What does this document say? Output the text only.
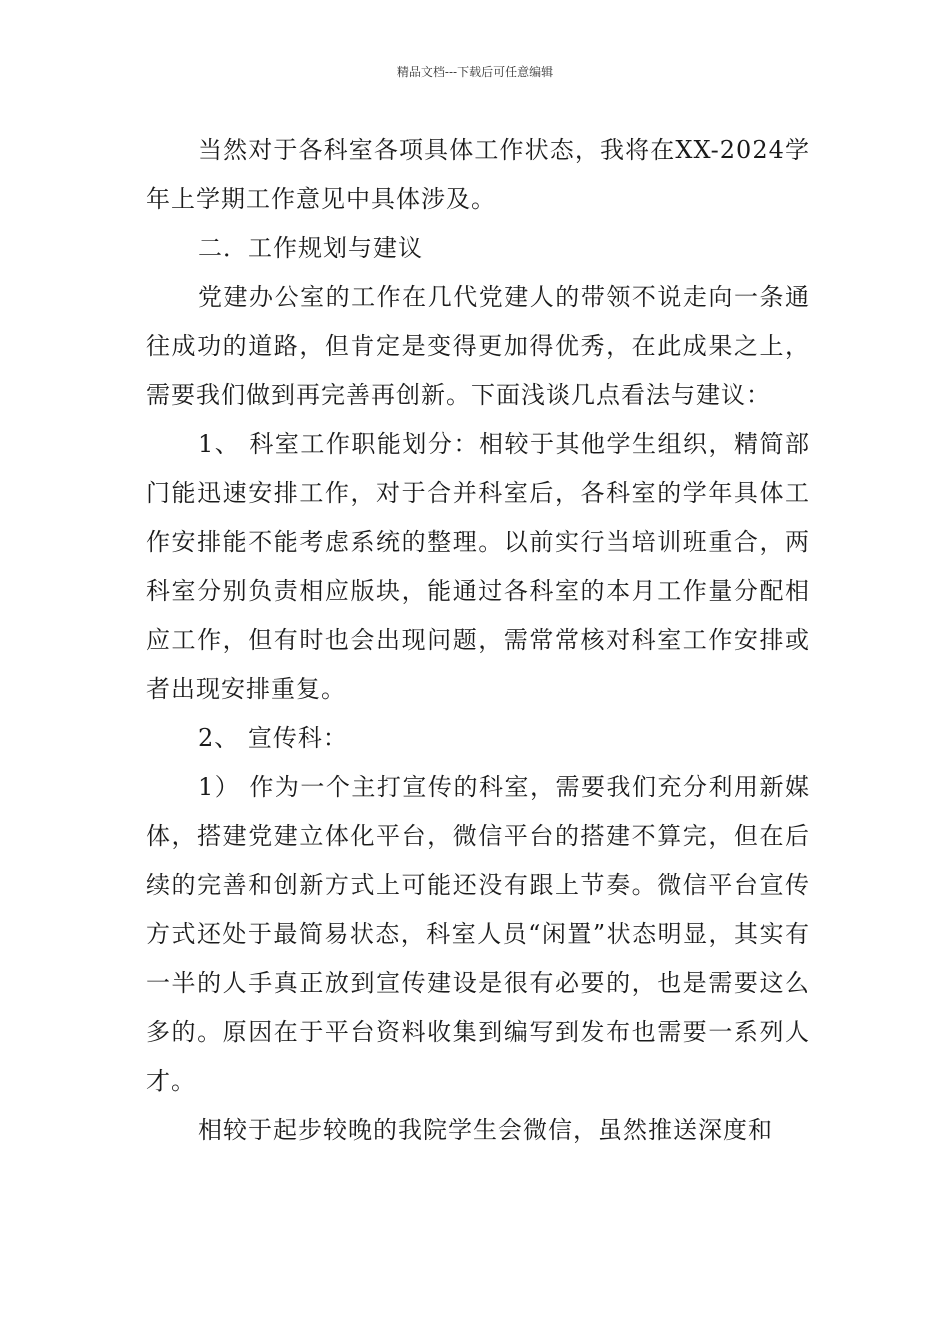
精品文档---下载后可任意编辑

当然对于各科室各项具体工作状态，我将在XX-2024学年上学期工作意见中具体涉及。

二．工作规划与建议

党建办公室的工作在几代党建人的带领不说走向一条通往成功的道路，但肯定是变得更加得优秀，在此成果之上，需要我们做到再完善再创新。下面浅谈几点看法与建议：

1、 科室工作职能划分：相较于其他学生组织，精简部门能迅速安排工作，对于合并科室后，各科室的学年具体工作安排能不能考虑系统的整理。以前实行当培训班重合，两科室分别负责相应版块，能通过各科室的本月工作量分配相应工作，但有时也会出现问题，需常常核对科室工作安排或者出现安排重复。

2、 宣传科：

1） 作为一个主打宣传的科室，需要我们充分利用新媒体，搭建党建立体化平台，微信平台的搭建不算完，但在后续的完善和创新方式上可能还没有跟上节奏。微信平台宣传方式还处于最简易状态，科室人员“闲置”状态明显，其实有一半的人手真正放到宣传建设是很有必要的，也是需要这么多的。原因在于平台资料收集到编写到发布也需要一系列人才。

相较于起步较晚的我院学生会微信，虽然推送深度和
